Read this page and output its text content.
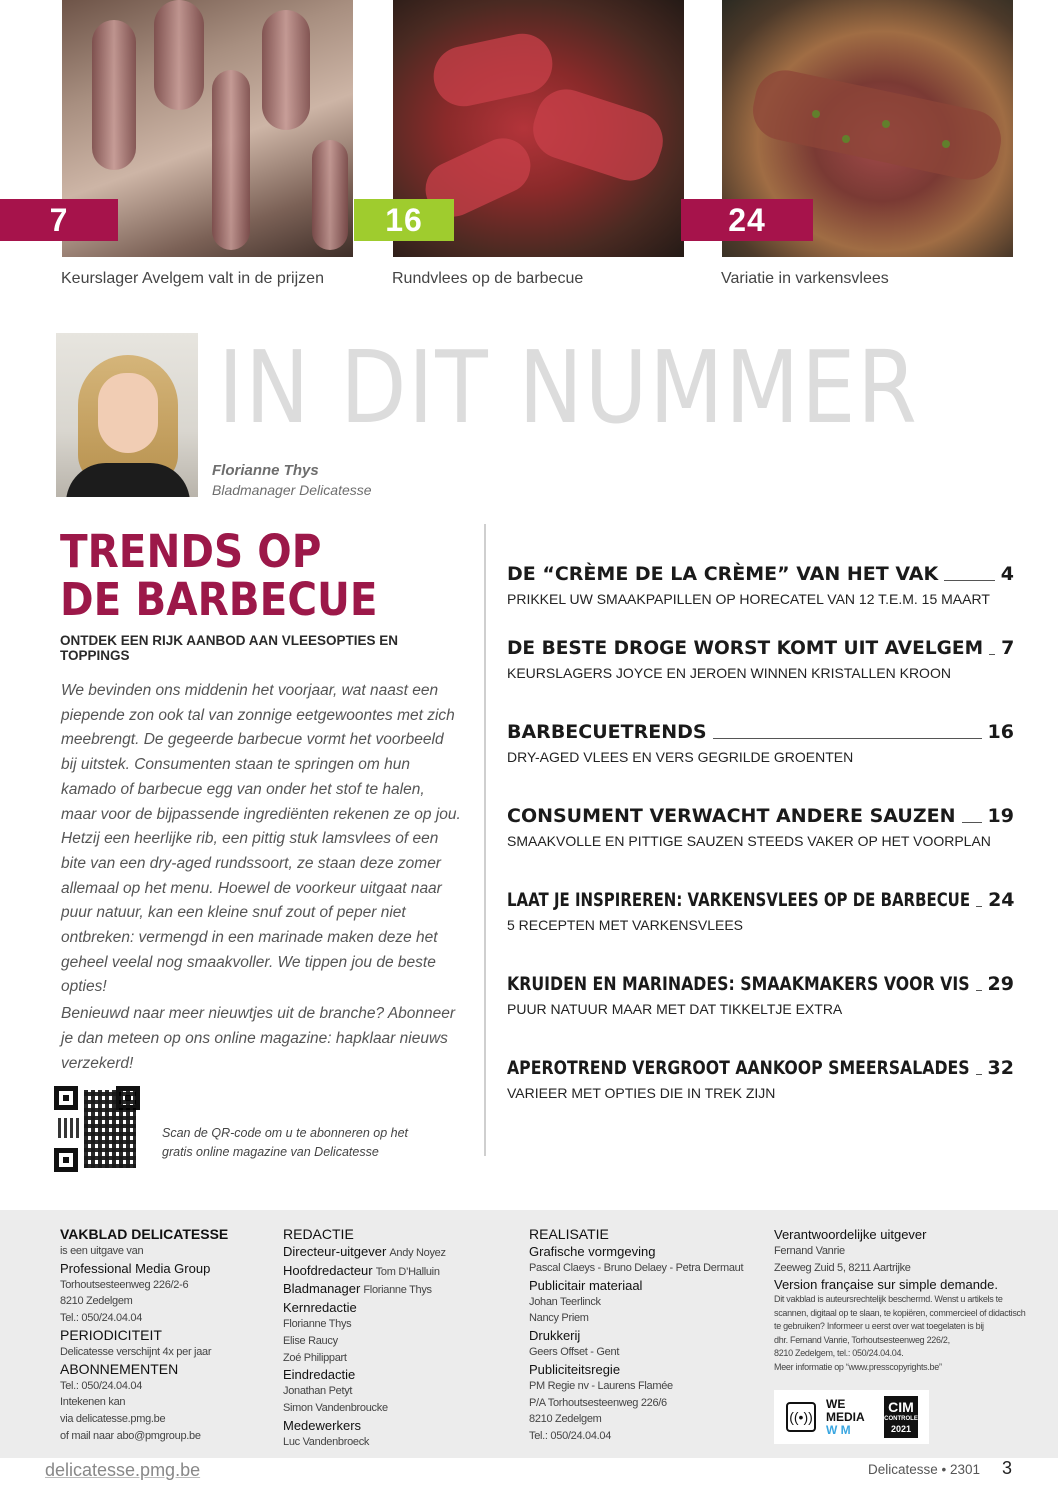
7	16	24
Keurslager Avelgem valt in de prijzen	Rundvlees op de barbecue	Variatie in varkensvlees
IN DIT NUMMER
Florianne Thys
Bladmanager Delicatesse
TRENDS OP
DE BARBECUE
ONTDEK EEN RIJK AANBOD AAN VLEESOPTIES EN TOPPINGS
We bevinden ons middenin het voorjaar, wat naast een piepende zon ook tal van zonnige eetgewoontes met zich meebrengt. De gegeerde barbecue vormt het voorbeeld bij uitstek. Consumenten staan te springen om hun kamado of barbecue egg van onder het stof te halen, maar voor de bijpassende ingrediënten rekenen ze op jou. Hetzij een heerlijke rib, een pittig stuk lamsvlees of een bite van een dry-aged rundssoort, ze staan deze zomer allemaal op het menu. Hoewel de voorkeur uitgaat naar puur natuur, kan een kleine snuf zout of peper niet ontbreken: vermengd in een marinade maken deze het geheel veelal nog smaakvoller. We tippen jou de beste opties!
Benieuwd naar meer nieuwtjes uit de branche? Abonneer je dan meteen op ons online magazine: hapklaar nieuws verzekerd!
Scan de QR-code om u te abonneren op het gratis online magazine van Delicatesse
DE “CRÈME DE LA CRÈME” VAN HET VAK	4
PRIKKEL UW SMAAKPAPILLEN OP HORECATEL VAN 12 T.E.M. 15 MAART
DE BESTE DROGE WORST KOMT UIT AVELGEM 7
KEURSLAGERS JOYCE EN JEROEN WINNEN KRISTALLEN KROON
BARBECUETRENDS	16
DRY-AGED VLEES EN VERS GEGRILDE GROENTEN
CONSUMENT VERWACHT ANDERE SAUZEN 19
SMAAKVOLLE EN PITTIGE SAUZEN STEEDS VAKER OP HET VOORPLAN
LAAT JE INSPIREREN: VARKENSVLEES OP DE BARBECUE 24
5 RECEPTEN MET VARKENSVLEES
KRUIDEN EN MARINADES: SMAAKMAKERS VOOR VIS 29
PUUR NATUUR MAAR MET DAT TIKKELTJE EXTRA
APEROTREND VERGROOT AANKOOP SMEERSALADES 32
VARIEER MET OPTIES DIE IN TREK ZIJN
VAKBLAD DELICATESSE
is een uitgave van
Professional Media Group
Torhoutsesteenweg 226/2-6
8210 Zedelgem
Tel.: 050/24.04.04
PERIODICITEIT
Delicatesse verschijnt 4x per jaar
ABONNEMENTEN
Tel.: 050/24.04.04
Intekenen kan
via delicatesse.pmg.be
of mail naar abo@pmgroup.be
REDACTIE
Directeur-uitgever Andy Noyez
Hoofdredacteur Tom D’Halluin
Bladmanager Florianne Thys
Kernredactie
Florianne Thys
Elise Raucy
Zoé Philippart
Eindredactie
Jonathan Petyt
Simon Vandenbroucke
Medewerkers
Luc Vandenbroeck
REALISATIE
Grafische vormgeving
Pascal Claeys - Bruno Delaey - Petra Dermaut
Publicitair materiaal
Johan Teerlinck
Nancy Priem
Drukkerij
Geers Offset - Gent
Publiciteitsregie
PM Regie nv - Laurens Flamée
P/A Torhoutsesteenweg 226/6
8210 Zedelgem
Tel.: 050/24.04.04
Verantwoordelijke uitgever
Fernand Vanrie
Zeeweg Zuid 5, 8211 Aartrijke
Version française sur simple demande.
Dit vakblad is auteursrechtelijk beschermd. Wenst u artikels te
scannen, digitaal op te slaan, te kopiëren, commercieel of didactisch
te gebruiken? Informeer u eerst over wat toegelaten is bij
dhr. Fernand Vanrie, Torhoutsesteenweg 226/2,
8210 Zedelgem, tel.: 050/24.04.04.
Meer informatie op “www.presscopyrights.be”
((•))
WE
MEDIA
W M
CIM
CONTROLE
2021
delicatesse.pmg.be	Delicatesse • 2301 3
